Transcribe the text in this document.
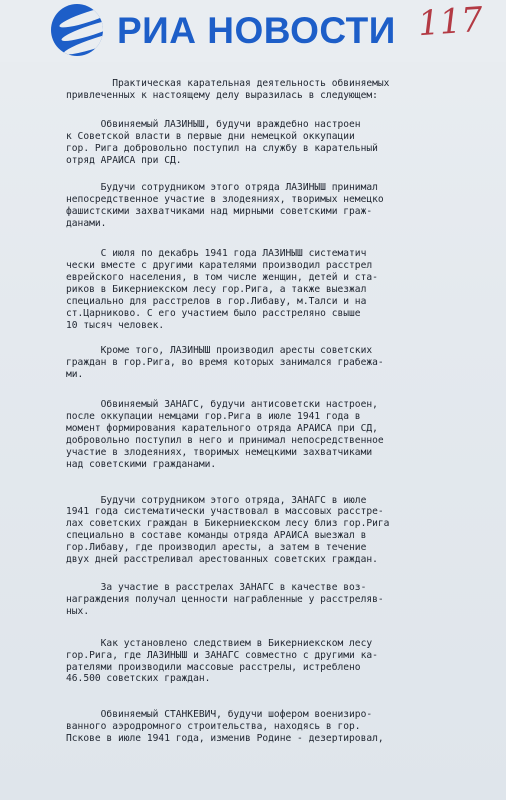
РИА НОВОСТИ 117
Практическая карательная деятельность обвиняемых
привлеченных к настоящему делу выразилась в следующем:
Обвиняемый ЛАЗИНЫШ, будучи враждебно настроен
к Советской власти в первые дни немецкой оккупации
гор. Рига добровольно поступил на службу в карательный
отряд АРАЙСА при СД.
Будучи сотрудником этого отряда ЛАЗИНЫШ принимал
непосредственное участие в злодеяниях, творимых немецко
фашистскими захватчиками над мирными советскими граж-
данами.
С июля по декабрь 1941 года ЛАЗИНЫШ систематич
чески вместе с другими карателями производил расстрел
еврейского населения, в том числе женщин, детей и ста-
риков в Бикерниекском лесу гор.Рига, а также выезжал
специально для расстрелов в гор.Либаву, м.Талси и на
ст.Царниково. С его участием было расстреляно свыше
10 тысяч человек.
Кроме того, ЛАЗИНЫШ производил аресты советских
граждан в гор.Рига, во время которых занимался грабежа-
ми.
Обвиняемый ЗАНАГС, будучи антисоветски настроен,
после оккупации немцами гор.Рига в июле 1941 года в
момент формирования карательного отряда АРАЙСА при СД,
добровольно поступил в него и принимал непосредственное
участие в злодеяниях, творимых немецкими захватчиками
над советскими гражданами.
Будучи сотрудником этого отряда, ЗАНАГС в июле
1941 года систематически участвовал в массовых расстре-
лах советских граждан в Бикерниекском лесу близ гор.Рига
специально в составе команды отряда АРАЙСА выезжал в
гор.Либаву, где производил аресты, а затем в течение
двух дней расстреливал арестованных советских граждан.
За участие в расстрелах ЗАНАГС в качестве воз-
награждения получал ценности награбленные у расстреляв-
ных.
Как установлено следствием в Бикерниекском лесу
гор.Рига, где ЛАЗИНЫШ и ЗАНАГС совместно с другими ка-
рателями производили массовые расстрелы, истреблено
46.500 советских граждан.
Обвиняемый СТАНКЕВИЧ, будучи шофером военизиро-
ванного аэродромного строительства, находясь в гор.
Пскове в июле 1941 года, изменив Родине - дезертировал,
